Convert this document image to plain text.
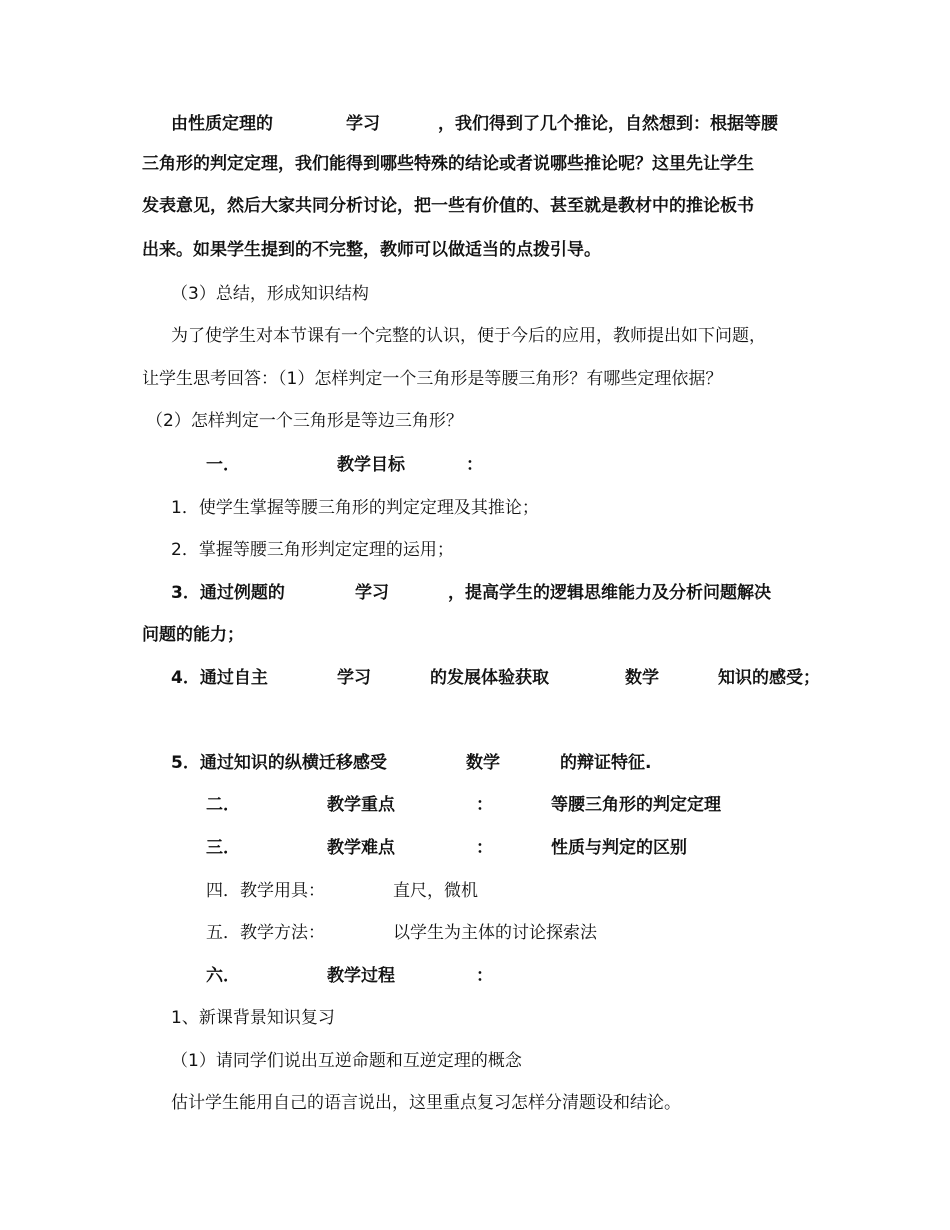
由性质定理的	学习	，我们得到了几个推论，自然想到：根据等腰
三角形的判定定理，我们能得到哪些特殊的结论或者说哪些推论呢？这里先让学生
发表意见，然后大家共同分析讨论，把一些有价值的、甚至就是教材中的推论板书
出来。如果学生提到的不完整，教师可以做适当的点拨引导。
（3）总结，形成知识结构
为了使学生对本节课有一个完整的认识，便于今后的应用，教师提出如下问题，
让学生思考回答：（1）怎样判定一个三角形是等腰三角形？有哪些定理依据？
（2）怎样判定一个三角形是等边三角形？
一．	教学目标	：
1．使学生掌握等腰三角形的判定定理及其推论；
2．掌握等腰三角形判定定理的运用；
3．通过例题的	学习	，提高学生的逻辑思维能力及分析问题解决
问题的能力；
4．通过自主	学习	的发展体验获取	数学	知识的感受；
5．通过知识的纵横迁移感受	数学	的辩证特征.
二．	教学重点	：	等腰三角形的判定定理
三．	教学难点	：	性质与判定的区别
四．教学用具：	直尺，微机
五．教学方法：	以学生为主体的讨论探索法
六．	教学过程	：
1、新课背景知识复习
（1）请同学们说出互逆命题和互逆定理的概念
估计学生能用自己的语言说出，这里重点复习怎样分清题设和结论。
